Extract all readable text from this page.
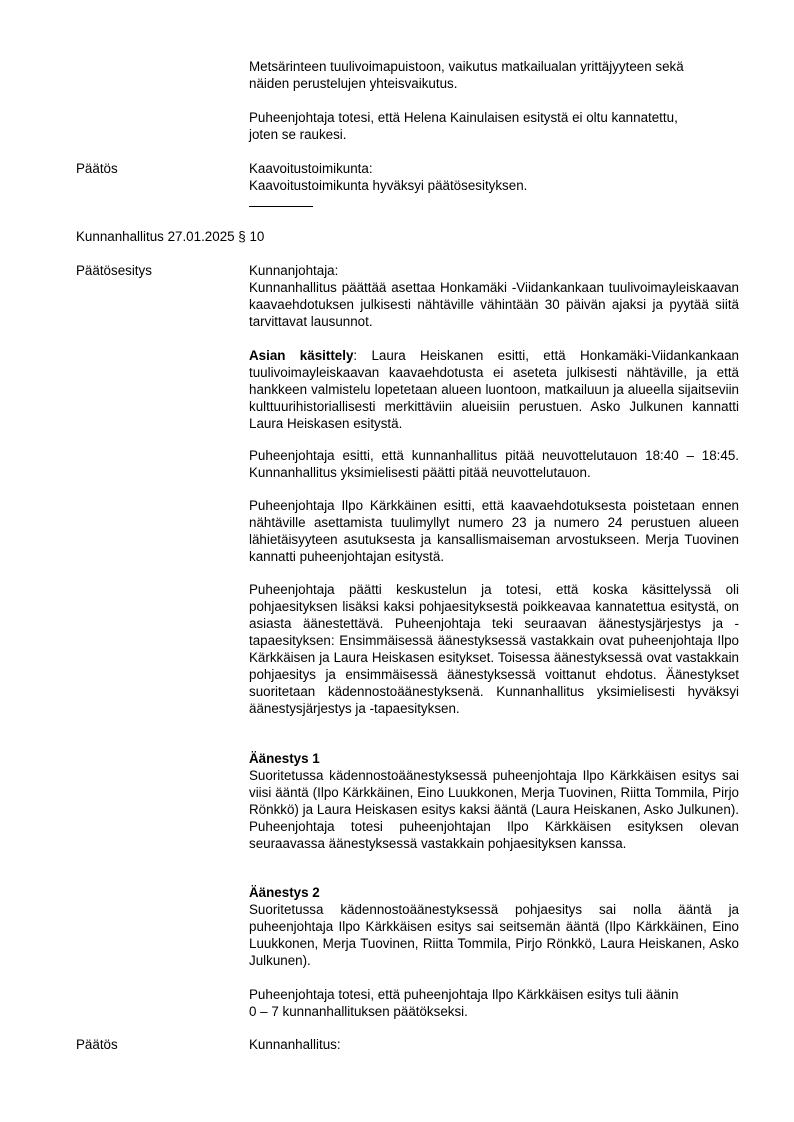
Metsärinteen tuulivoimapuistoon, vaikutus matkailualan yrittäjyyteen sekä
näiden perustelujen yhteisvaikutus.
Puheenjohtaja totesi, että Helena Kainulaisen esitystä ei oltu kannatettu,
joten se raukesi.
Päätös	Kaavoitustoimikunta:
Kaavoitustoimikunta hyväksyi päätösesityksen.
Kunnanhallitus 27.01.2025 § 10
Päätösesitys	Kunnanjohtaja:
Kunnanhallitus päättää asettaa Honkamäki -Viidankankaan tuulivoimayleiskaavan kaavaehdotuksen julkisesti nähtäville vähintään 30 päivän ajaksi ja pyytää siitä tarvittavat lausunnot.
Asian käsittely: Laura Heiskanen esitti, että Honkamäki-Viidankankaan tuulivoimayleiskaavan kaavaehdotusta ei aseteta julkisesti nähtäville, ja että hankkeen valmistelu lopetetaan alueen luontoon, matkailuun ja alueella sijaitseviin kulttuurihistoriallisesti merkittäviin alueisiin perustuen. Asko Julkunen kannatti Laura Heiskasen esitystä.
Puheenjohtaja esitti, että kunnanhallitus pitää neuvottelutauon 18:40 – 18:45. Kunnanhallitus yksimielisesti päätti pitää neuvottelutauon.
Puheenjohtaja Ilpo Kärkkäinen esitti, että kaavaehdotuksesta poistetaan ennen nähtäville asettamista tuulimyllyt numero 23 ja numero 24 perustuen alueen lähietäisyyteen asutuksesta ja kansallismaiseman arvostukseen. Merja Tuovinen kannatti puheenjohtajan esitystä.
Puheenjohtaja päätti keskustelun ja totesi, että koska käsittelyssä oli pohjaesityksen lisäksi kaksi pohjaesityksestä poikkeavaa kannatettua esitystä, on asiasta äänestettävä. Puheenjohtaja teki seuraavan äänestysjärjestys ja -tapaesityksen: Ensimmäisessä äänestyksessä vastakkain ovat puheenjohtaja Ilpo Kärkkäisen ja Laura Heiskasen esitykset. Toisessa äänestyksessä ovat vastakkain pohjaesitys ja ensimmäisessä äänestyksessä voittanut ehdotus. Äänestykset suoritetaan kädennostoäänestyksenä. Kunnanhallitus yksimielisesti hyväksyi äänestysjärjestys ja -tapaesityksen.
Äänestys 1
Suoritetussa kädennostoäänestyksessä puheenjohtaja Ilpo Kärkkäisen esitys sai viisi ääntä (Ilpo Kärkkäinen, Eino Luukkonen, Merja Tuovinen, Riitta Tommila, Pirjo Rönkkö) ja Laura Heiskasen esitys kaksi ääntä (Laura Heiskanen, Asko Julkunen). Puheenjohtaja totesi puheenjohtajan Ilpo Kärkkäisen esityksen olevan seuraavassa äänestyksessä vastakkain pohjaesityksen kanssa.
Äänestys 2
Suoritetussa kädennostoäänestyksessä pohjaesitys sai nolla ääntä ja puheenjohtaja Ilpo Kärkkäisen esitys sai seitsemän ääntä (Ilpo Kärkkäinen, Eino Luukkonen, Merja Tuovinen, Riitta Tommila, Pirjo Rönkkö, Laura Heiskanen, Asko Julkunen).
Puheenjohtaja totesi, että puheenjohtaja Ilpo Kärkkäisen esitys tuli äänin
0 – 7 kunnanhallituksen päätökseksi.
Päätös	Kunnanhallitus:
